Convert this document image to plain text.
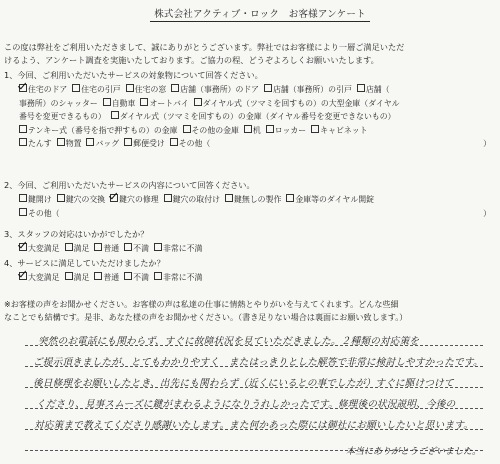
株式会社アクティブ・ロック　お客様アンケート

この度は弊社をご利用いただきまして、誠にありがとうございます。弊社ではお客様により一層ご満足いただ

けるよう、アンケート調査を実施いたしております。ご協力の程、どうぞよろしくお願いいたします。

1、今回、ご利用いただいたサービスの対象物について回答ください。
住宅のドア 住宅の引戸 住宅の窓 店舗（事務所）のドア 店舗（事務所）の引戸 店舗（
事務所）のシャッター 自動車 オートバイ ダイヤル式（ツマミを回すもの）の大型金庫（ダイヤル
番号を変更できるもの） ダイヤル式（ツマミを回すもの）の金庫（ダイヤル番号を変更できないもの）
テンキー式（番号を指で押すもの）の金庫 その他の金庫 机 ロッカー キャビネット
たんす 物置 バッグ 郵便受け その他（	）
2、今回、ご利用いただいたサービスの内容について回答ください。
鍵開け 鍵穴の交換 鍵穴の修理 鍵穴の取付け 鍵無しの製作 金庫等のダイヤル開錠
その他（	）
3、スタッフの対応はいかがでしたか？
大変満足 満足 普通 不満 非常に不満
4、サービスに満足していただけましたか？
大変満足 満足 普通 不満 非常に不満
※お客様の声をお聞かせください。お客様の声は私達の仕事に情熱とやりがいを与えてくれます。どんな些細
なことでも結構です。是非、あなた様の声をお聞かせください。（書き足りない場合は裏面にお願い致します。）
突然のお電話にも関わらず、すぐに故障状況を見ていただきました。２種類の対応策を
ご提示頂きましたが、とてもわかりやすく　またはっきりとした解答で非常に検討しやすかったです。
後日修理をお願いしたとき、出先にも関わらず（近くにいるとの事でしたが）すぐに駆けつけて
くださり、見事スムーズに鍵がまわるようになりうれしかったです。修理後の状況説明、今後の
対応策まで教えてくださり感謝いたします。また何かあった際には御社にお願いしたいと思います。
本当にありがとうございました。
